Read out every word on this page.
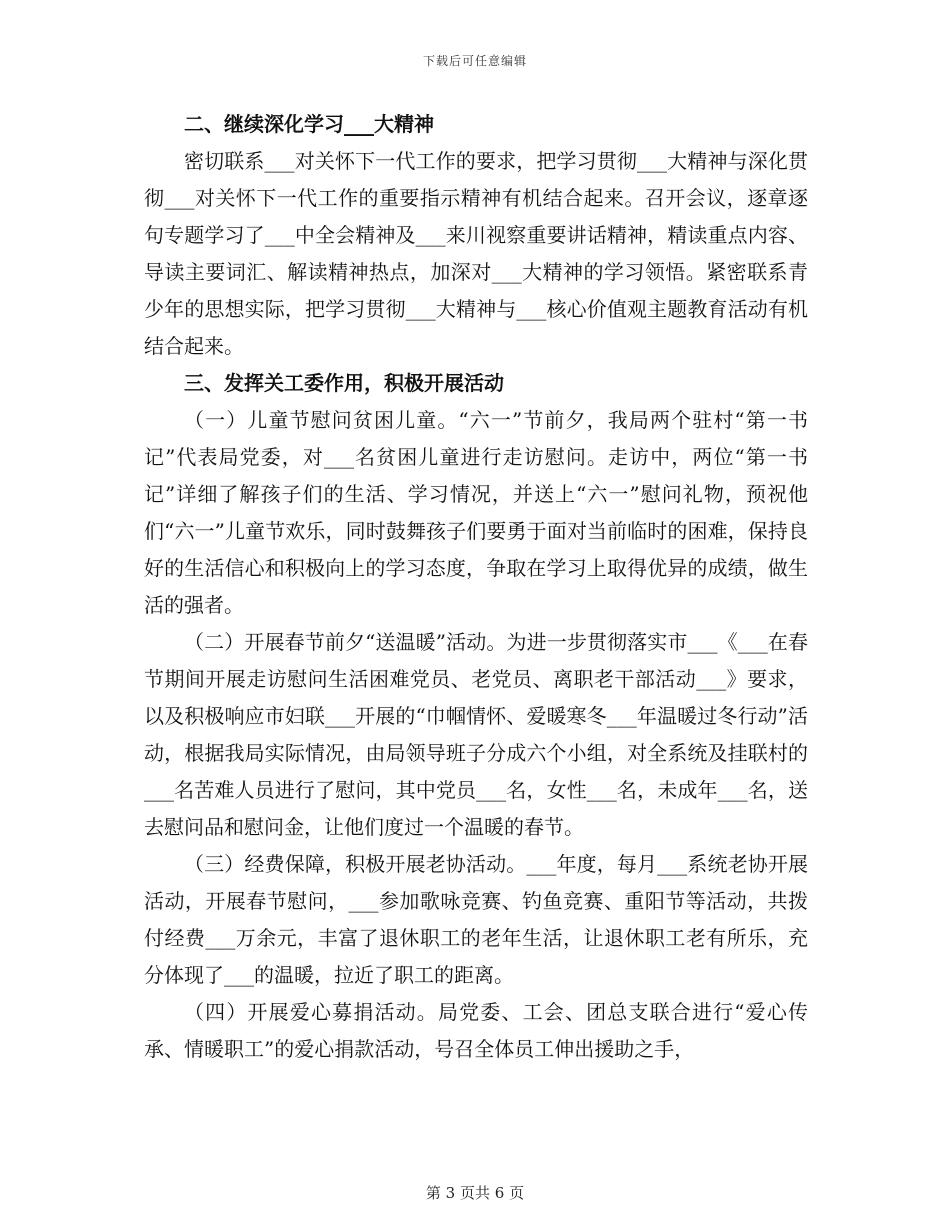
下载后可任意编辑

二、继续深化学习___大精神

密切联系___对关怀下一代工作的要求，把学习贯彻___大精神与深化贯彻___对关怀下一代工作的重要指示精神有机结合起来。召开会议，逐章逐句专题学习了___中全会精神及___来川视察重要讲话精神，精读重点内容、导读主要词汇、解读精神热点，加深对___大精神的学习领悟。紧密联系青少年的思想实际，把学习贯彻___大精神与___核心价值观主题教育活动有机结合起来。

三、发挥关工委作用，积极开展活动

（一）儿童节慰问贫困儿童。“六一”节前夕，我局两个驻村“第一书记”代表局党委，对___名贫困儿童进行走访慰问。走访中，两位“第一书记”详细了解孩子们的生活、学习情况，并送上“六一”慰问礼物，预祝他们“六一”儿童节欢乐，同时鼓舞孩子们要勇于面对当前临时的困难，保持良好的生活信心和积极向上的学习态度，争取在学习上取得优异的成绩，做生活的强者。

（二）开展春节前夕“送温暖”活动。为进一步贯彻落实市___《___在春节期间开展走访慰问生活困难党员、老党员、离职老干部活动___》要求，以及积极响应市妇联___开展的“巾帼情怀、爱暖寒冬___年温暖过冬行动”活动，根据我局实际情况，由局领导班子分成六个小组，对全系统及挂联村的___名苦难人员进行了慰问，其中党员___名，女性___名，未成年___名，送去慰问品和慰问金，让他们度过一个温暖的春节。

（三）经费保障，积极开展老协活动。___年度，每月___系统老协开展活动，开展春节慰问，___参加歌咏竞赛、钓鱼竞赛、重阳节等活动，共拨付经费___万余元，丰富了退休职工的老年生活，让退休职工老有所乐，充分体现了___的温暖，拉近了职工的距离。

（四）开展爱心募捐活动。局党委、工会、团总支联合进行“爱心传承、情暖职工”的爱心捐款活动，号召全体员工伸出援助之手，

第 3 页共 6 页
